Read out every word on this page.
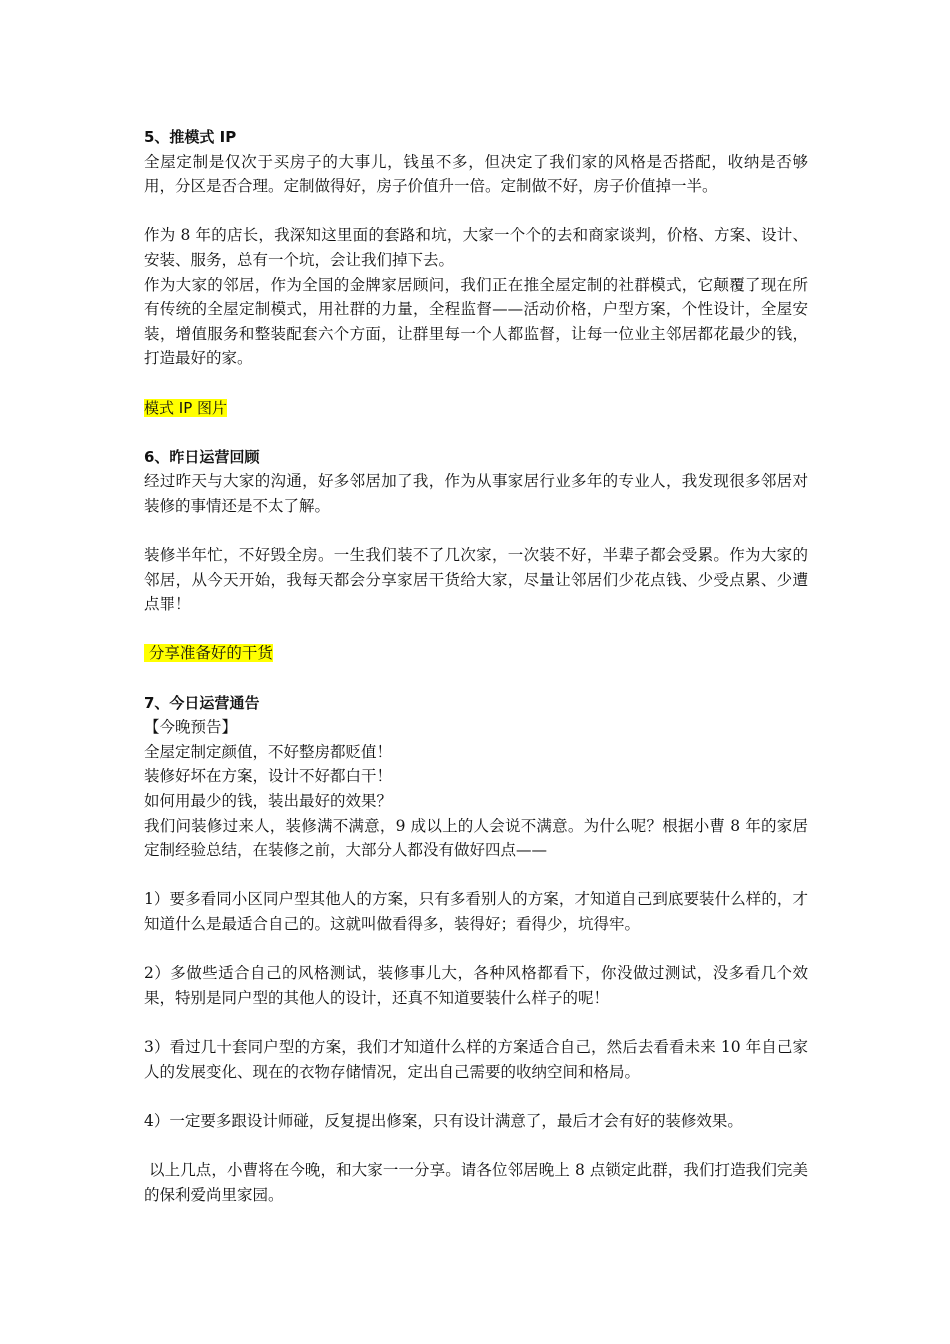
5、推模式 IP
全屋定制是仅次于买房子的大事儿，钱虽不多，但决定了我们家的风格是否搭配，收纳是否够用，分区是否合理。定制做得好，房子价值升一倍。定制做不好，房子价值掉一半。
作为 8 年的店长，我深知这里面的套路和坑，大家一个个的去和商家谈判，价格、方案、设计、安装、服务，总有一个坑，会让我们掉下去。
作为大家的邻居，作为全国的金牌家居顾问，我们正在推全屋定制的社群模式，它颠覆了现在所有传统的全屋定制模式，用社群的力量，全程监督——活动价格，户型方案，个性设计，全屋安装，增值服务和整装配套六个方面，让群里每一个人都监督，让每一位业主邻居都花最少的钱，打造最好的家。
模式 IP 图片
6、昨日运营回顾
经过昨天与大家的沟通，好多邻居加了我，作为从事家居行业多年的专业人，我发现很多邻居对装修的事情还是不太了解。
装修半年忙，不好毁全房。一生我们装不了几次家，一次装不好，半辈子都会受累。作为大家的邻居，从今天开始，我每天都会分享家居干货给大家，尽量让邻居们少花点钱、少受点累、少遭点罪！
分享准备好的干货
7、今日运营通告
【今晚预告】
全屋定制定颜值，不好整房都贬值！
装修好坏在方案，设计不好都白干！
如何用最少的钱，装出最好的效果？
我们问装修过来人，装修满不满意，9 成以上的人会说不满意。为什么呢？根据小曹 8 年的家居定制经验总结，在装修之前，大部分人都没有做好四点——
1）要多看同小区同户型其他人的方案，只有多看别人的方案，才知道自己到底要装什么样的，才知道什么是最适合自己的。这就叫做看得多，装得好；看得少，坑得牢。
2）多做些适合自己的风格测试，装修事儿大，各种风格都看下，你没做过测试，没多看几个效果，特别是同户型的其他人的设计，还真不知道要装什么样子的呢！
3）看过几十套同户型的方案，我们才知道什么样的方案适合自己，然后去看看未来 10 年自己家人的发展变化、现在的衣物存储情况，定出自己需要的收纳空间和格局。
4）一定要多跟设计师碰，反复提出修案，只有设计满意了，最后才会有好的装修效果。
以上几点，小曹将在今晚，和大家一一分享。请各位邻居晚上 8 点锁定此群，我们打造我们完美的保利爱尚里家园。
